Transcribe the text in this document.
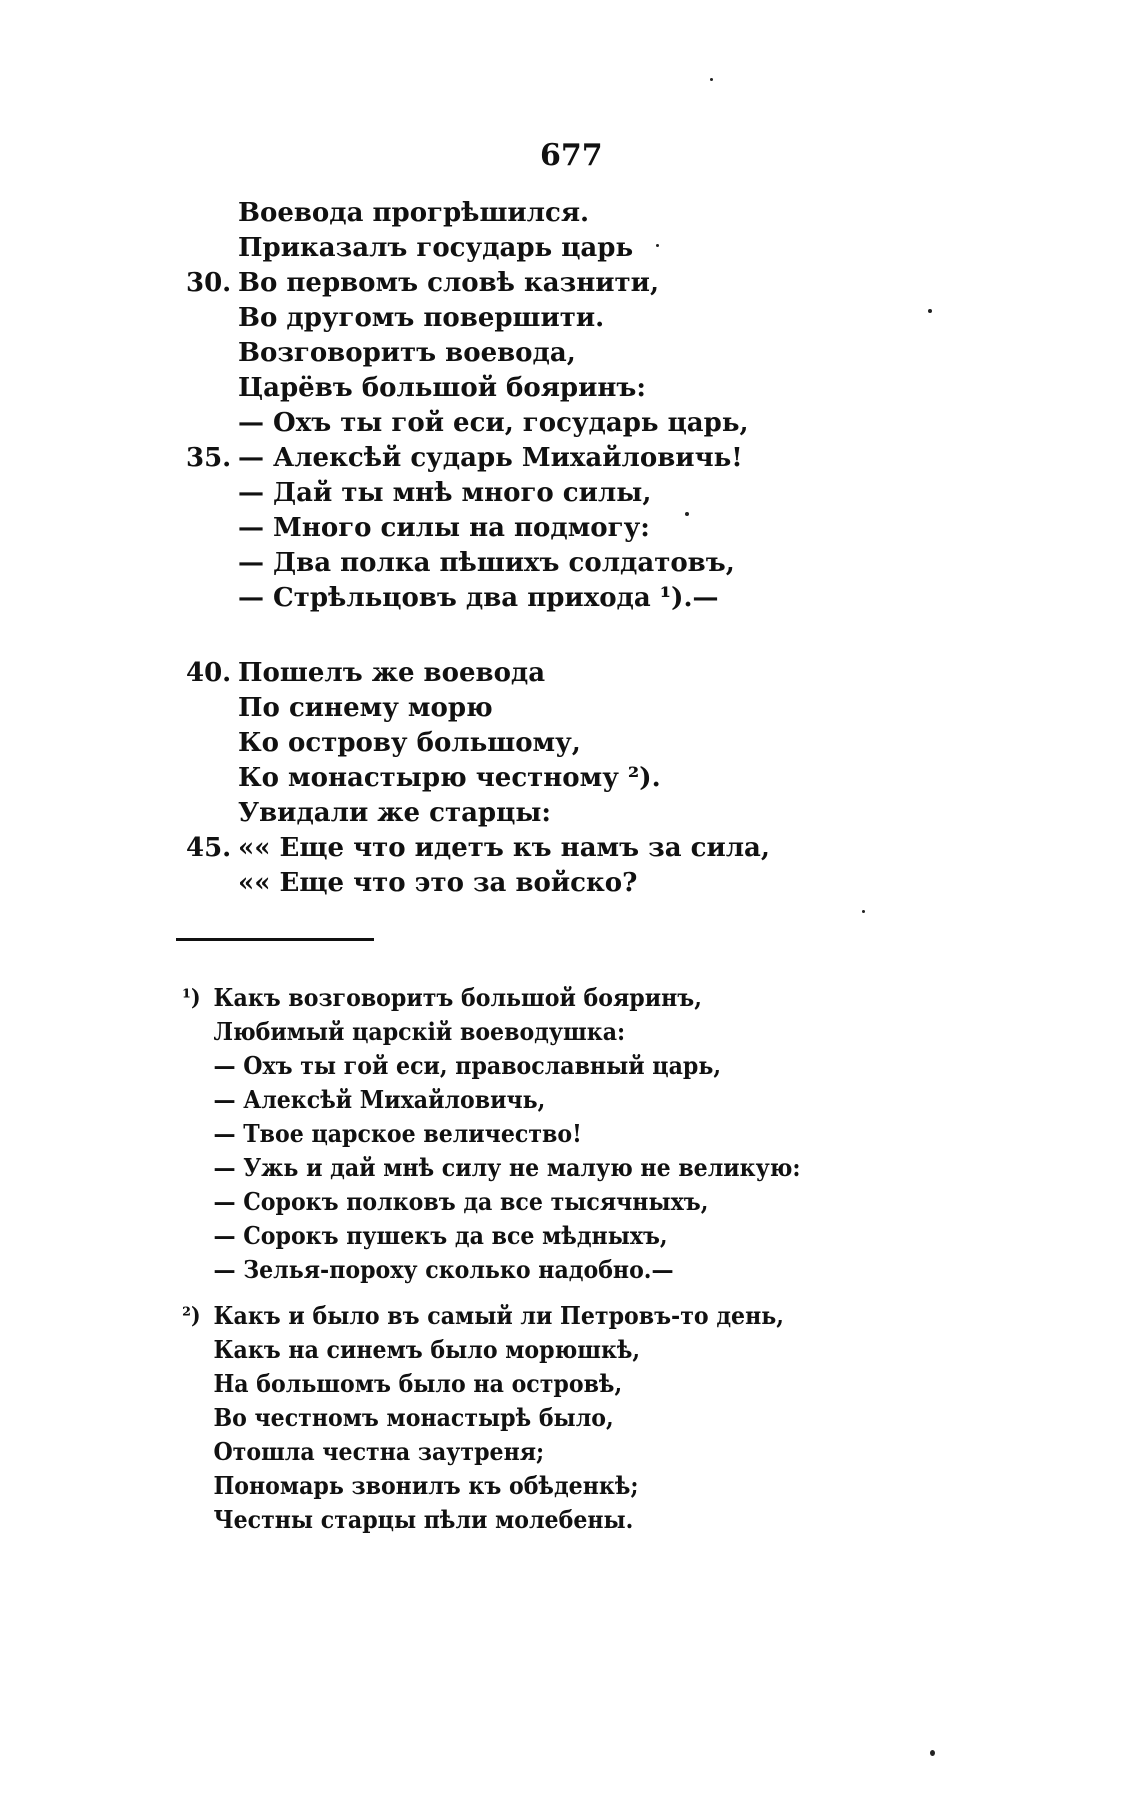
677
Воевода прогрѣшился.
Приказалъ государь царь
30. Во первомъ словѣ казнити,
Во другомъ повершити.
Возговоритъ воевода,
Царёвъ большой бояринъ:
— Охъ ты гой еси, государь царь,
35. — Алексѣй сударь Михайловичь!
— Дай ты мнѣ много силы,
— Много силы на подмогу:
— Два полка пѣшихъ солдатовъ,
— Стрѣльцовъ два прихода ¹).—
40. Пошелъ же воевода
По синему морю
Ко острову большому,
Ко монастырю честному ²).
Увидали же старцы:
45. «« Еще что идетъ къ намъ за сила,
«« Еще что это за войско?
¹) Какъ возговоритъ большой бояринъ,
Любимый царскій воеводушка:
— Охъ ты гой еси, православный царь,
— Алексѣй Михайловичь,
— Твое царское величество!
— Ужь и дай мнѣ силу не малую не великую:
— Сорокъ полковъ да все тысячныхъ,
— Сорокъ пушекъ да все мѣдныхъ,
— Зелья-пороху сколько надобно.—
²) Какъ и было въ самый ли Петровъ-то день,
Какъ на синемъ было морюшкѣ,
На большомъ было на островѣ,
Во честномъ монастырѣ было,
Отошла честна заутреня;
Пономарь звонилъ къ обѣденкѣ;
Честны старцы пѣли молебены.
